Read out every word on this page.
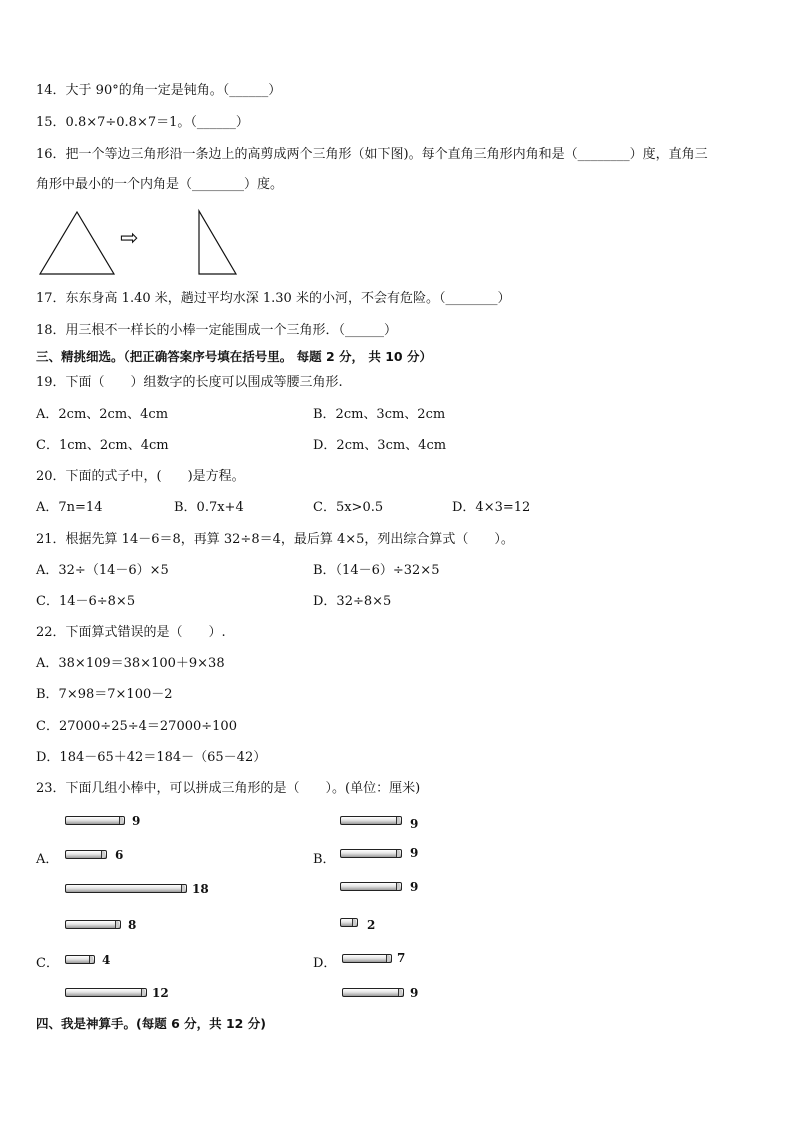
14．大于 90°的角一定是钝角。（______）
15．0.8×7÷0.8×7＝1。（______）
16．把一个等边三角形沿一条边上的高剪成两个三角形（如下图)。每个直角三角形内角和是（________）度，直角三
角形中最小的一个内角是（________）度。
⇨
17．东东身高 1.40 米，趟过平均水深 1.30 米的小河，不会有危险。（________）
18．用三根不一样长的小棒一定能围成一个三角形．（______）
三、精挑细选。（把正确答案序号填在括号里。 每题 2 分， 共 10 分）
19．下面（　　）组数字的长度可以围成等腰三角形.
A．2cm、2cm、4cm	B．2cm、3cm、2cm
C．1cm、2cm、4cm	D．2cm、3cm、4cm
20．下面的式子中，(　　)是方程。
A．7n=14	B．0.7x+4	C．5x>0.5	D．4×3=12
21．根据先算 14－6＝8，再算 32÷8＝4，最后算 4×5，列出综合算式（　　）。
A．32÷（14－6）×5	B．（14－6）÷32×5
C．14－6÷8×5	D．32÷8×5
22．下面算式错误的是（　　）.
A．38×109＝38×100＋9×38
B．7×98＝7×100－2
C．27000÷25÷4＝27000÷100
D．184－65＋42＝184－（65－42）
23．下面几组小棒中，可以拼成三角形的是（　　）。(单位：厘米)
A．
9
6
18
B．
9
9
9
C．
8
4
12
D．
2
7
9
四、我是神算手。(每题 6 分，共 12 分)
